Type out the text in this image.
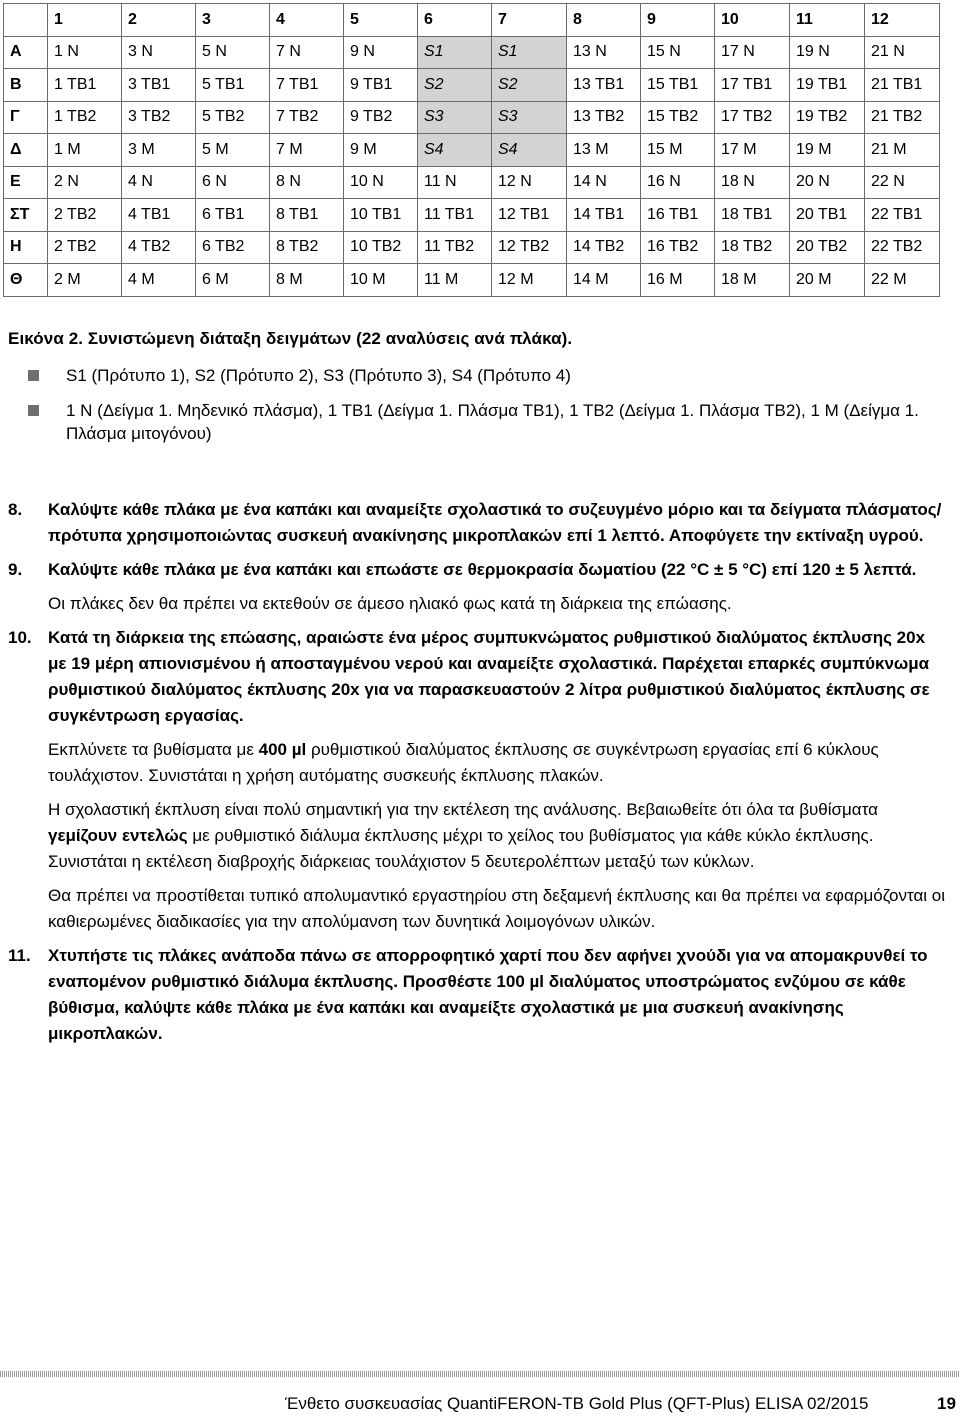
	1	2	3	4	5	6	7	8	9	10	11	12
Α	1 N	3 N	5 N	7 N	9 N	S1	S1	13 N	15 N	17 N	19 N	21 N
Β	1 TB1	3 TB1	5 TB1	7 TB1	9 TB1	S2	S2	13 TB1	15 TB1	17 TB1	19 TB1	21 TB1
Γ	1 TB2	3 TB2	5 TB2	7 TB2	9 TB2	S3	S3	13 TB2	15 TB2	17 TB2	19 TB2	21 TB2
Δ	1 M	3 M	5 M	7 M	9 M	S4	S4	13 M	15 M	17 M	19 M	21 M
Ε	2 N	4 N	6 N	8 N	10 N	11 N	12 N	14 N	16 N	18 N	20 N	22 N
ΣΤ	2 TB2	4 TB1	6 TB1	8 TB1	10 TB1	11 TB1	12 TB1	14 TB1	16 TB1	18 TB1	20 TB1	22 TB1
Η	2 TB2	4 TB2	6 TB2	8 TB2	10 TB2	11 TB2	12 TB2	14 TB2	16 TB2	18 TB2	20 TB2	22 TB2
Θ	2 M	4 M	6 M	8 M	10 M	11 M	12 M	14 M	16 M	18 M	20 M	22 M
Εικόνα 2. Συνιστώμενη διάταξη δειγμάτων (22 αναλύσεις ανά πλάκα).
S1 (Πρότυπο 1), S2 (Πρότυπο 2), S3 (Πρότυπο 3), S4 (Πρότυπο 4)
1 N (Δείγμα 1. Μηδενικό πλάσμα), 1 TB1 (Δείγμα 1. Πλάσμα TB1), 1 TB2 (Δείγμα 1. Πλάσμα TB2), 1 M (Δείγμα 1. Πλάσμα μιτογόνου)
8. Καλύψτε κάθε πλάκα με ένα καπάκι και αναμείξτε σχολαστικά το συζευγμένο μόριο και τα δείγματα πλάσματος/πρότυπα χρησιμοποιώντας συσκευή ανακίνησης μικροπλακών επί 1 λεπτό. Αποφύγετε την εκτίναξη υγρού.

9. Καλύψτε κάθε πλάκα με ένα καπάκι και επωάστε σε θερμοκρασία δωματίου (22 °C ± 5 °C) επί 120 ± 5 λεπτά.

Οι πλάκες δεν θα πρέπει να εκτεθούν σε άμεσο ηλιακό φως κατά τη διάρκεια της επώασης.

10. Κατά τη διάρκεια της επώασης, αραιώστε ένα μέρος συμπυκνώματος ρυθμιστικού διαλύματος έκπλυσης 20x με 19 μέρη απιονισμένου ή αποσταγμένου νερού και αναμείξτε σχολαστικά. Παρέχεται επαρκές συμπύκνωμα ρυθμιστικού διαλύματος έκπλυσης 20x για να παρασκευαστούν 2 λίτρα ρυθμιστικού διαλύματος έκπλυσης σε συγκέντρωση εργασίας.

Εκπλύνετε τα βυθίσματα με 400 µl ρυθμιστικού διαλύματος έκπλυσης σε συγκέντρωση εργασίας επί 6 κύκλους τουλάχιστον. Συνιστάται η χρήση αυτόματης συσκευής έκπλυσης πλακών.

Η σχολαστική έκπλυση είναι πολύ σημαντική για την εκτέλεση της ανάλυσης. Βεβαιωθείτε ότι όλα τα βυθίσματα γεμίζουν εντελώς με ρυθμιστικό διάλυμα έκπλυσης μέχρι το χείλος του βυθίσματος για κάθε κύκλο έκπλυσης. Συνιστάται η εκτέλεση διαβροχής διάρκειας τουλάχιστον 5 δευτερολέπτων μεταξύ των κύκλων.

Θα πρέπει να προστίθεται τυπικό απολυμαντικό εργαστηρίου στη δεξαμενή έκπλυσης και θα πρέπει να εφαρμόζονται οι καθιερωμένες διαδικασίες για την απολύμανση των δυνητικά λοιμογόνων υλικών.

11. Χτυπήστε τις πλάκες ανάποδα πάνω σε απορροφητικό χαρτί που δεν αφήνει χνούδι για να απομακρυνθεί το εναπομένον ρυθμιστικό διάλυμα έκπλυσης. Προσθέστε 100 µl διαλύματος υποστρώματος ενζύμου σε κάθε βύθισμα, καλύψτε κάθε πλάκα με ένα καπάκι και αναμείξτε σχολαστικά με μια συσκευή ανακίνησης μικροπλακών.

Ένθετο συσκευασίας QuantiFERON-TB Gold Plus (QFT-Plus) ELISA 02/2015	19
